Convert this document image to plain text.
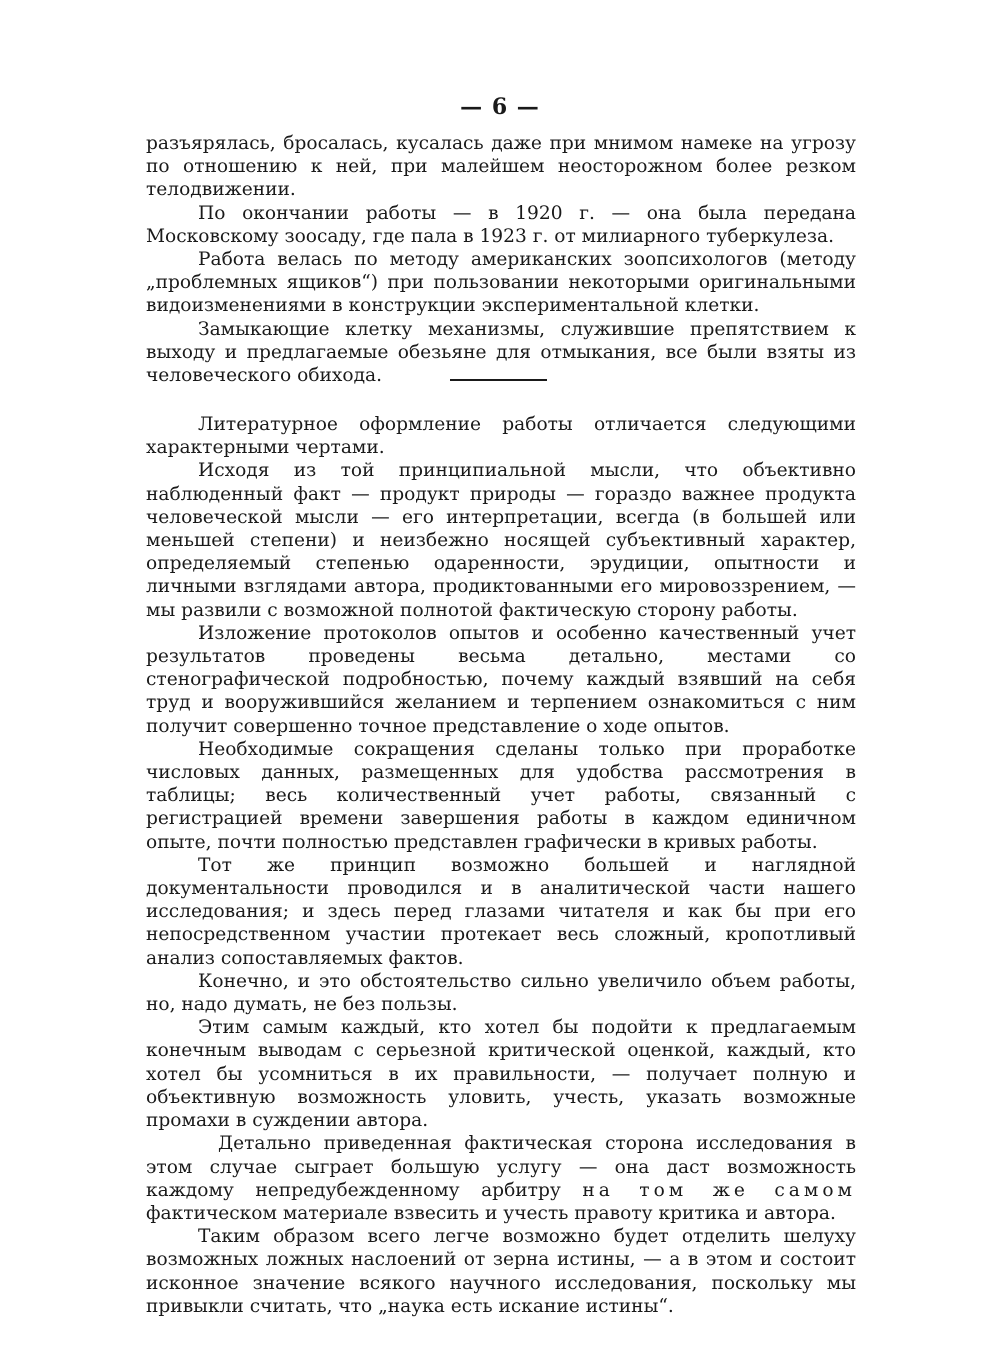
— 6 —

разъярялась, бросалась, кусалась даже при мнимом намеке на угрозу по отношению к ней, при малейшем неосторожном более резком телодвижении.

По окончании работы — в 1920 г. — она была передана Московскому зоосаду, где пала в 1923 г. от милиарного туберкулеза.

Работа велась по методу американских зоопсихологов (методу „проблемных ящиков“) при пользовании некоторыми оригинальными видоизменениями в конструкции экспериментальной клетки.

Замыкающие клетку механизмы, служившие препятствием к выходу и предлагаемые обезьяне для отмыкания, все были взяты из человеческого обихода.

Литературное оформление работы отличается следующими характерными чертами.

Исходя из той принципиальной мысли, что объективно наблюденный факт — продукт природы — гораздо важнее продукта человеческой мысли — его интерпретации, всегда (в большей или меньшей степени) и неизбежно носящей субъективный характер, определяемый степенью одаренности, эрудиции, опытности и личными взглядами автора, продиктованными его мировоззрением, — мы развили с возможной полнотой фактическую сторону работы.

Изложение протоколов опытов и особенно качественный учет результатов проведены весьма детально, местами со стенографической подробностью, почему каждый взявший на себя труд и вооружившийся желанием и терпением ознакомиться с ним получит совершенно точное представление о ходе опытов.

Необходимые сокращения сделаны только при проработке числовых данных, размещенных для удобства рассмотрения в таблицы; весь количественный учет работы, связанный с регистрацией времени завершения работы в каждом единичном опыте, почти полностью представлен графически в кривых работы.

Тот же принцип возможно большей и наглядной документальности проводился и в аналитической части нашего исследования; и здесь перед глазами читателя и как бы при его непосредственном участии протекает весь сложный, кропотливый анализ сопоставляемых фактов.

Конечно, и это обстоятельство сильно увеличило объем работы, но, надо думать, не без пользы.

Этим самым каждый, кто хотел бы подойти к предлагаемым конечным выводам с серьезной критической оценкой, каждый, кто хотел бы усомниться в их правильности, — получает полную и объективную возможность уловить, учесть, указать возможные промахи в суждении автора.

Детально приведенная фактическая сторона исследования в этом случае сыграет большую услугу — она даст возможность каждому непредубежденному арбитру на том же самом фактическом материале взвесить и учесть правоту критика и автора.

Таким образом всего легче возможно будет отделить шелуху возможных ложных наслоений от зерна истины, — а в этом и состоит исконное значение всякого научного исследования, поскольку мы привыкли считать, что „наука есть искание истины“.
